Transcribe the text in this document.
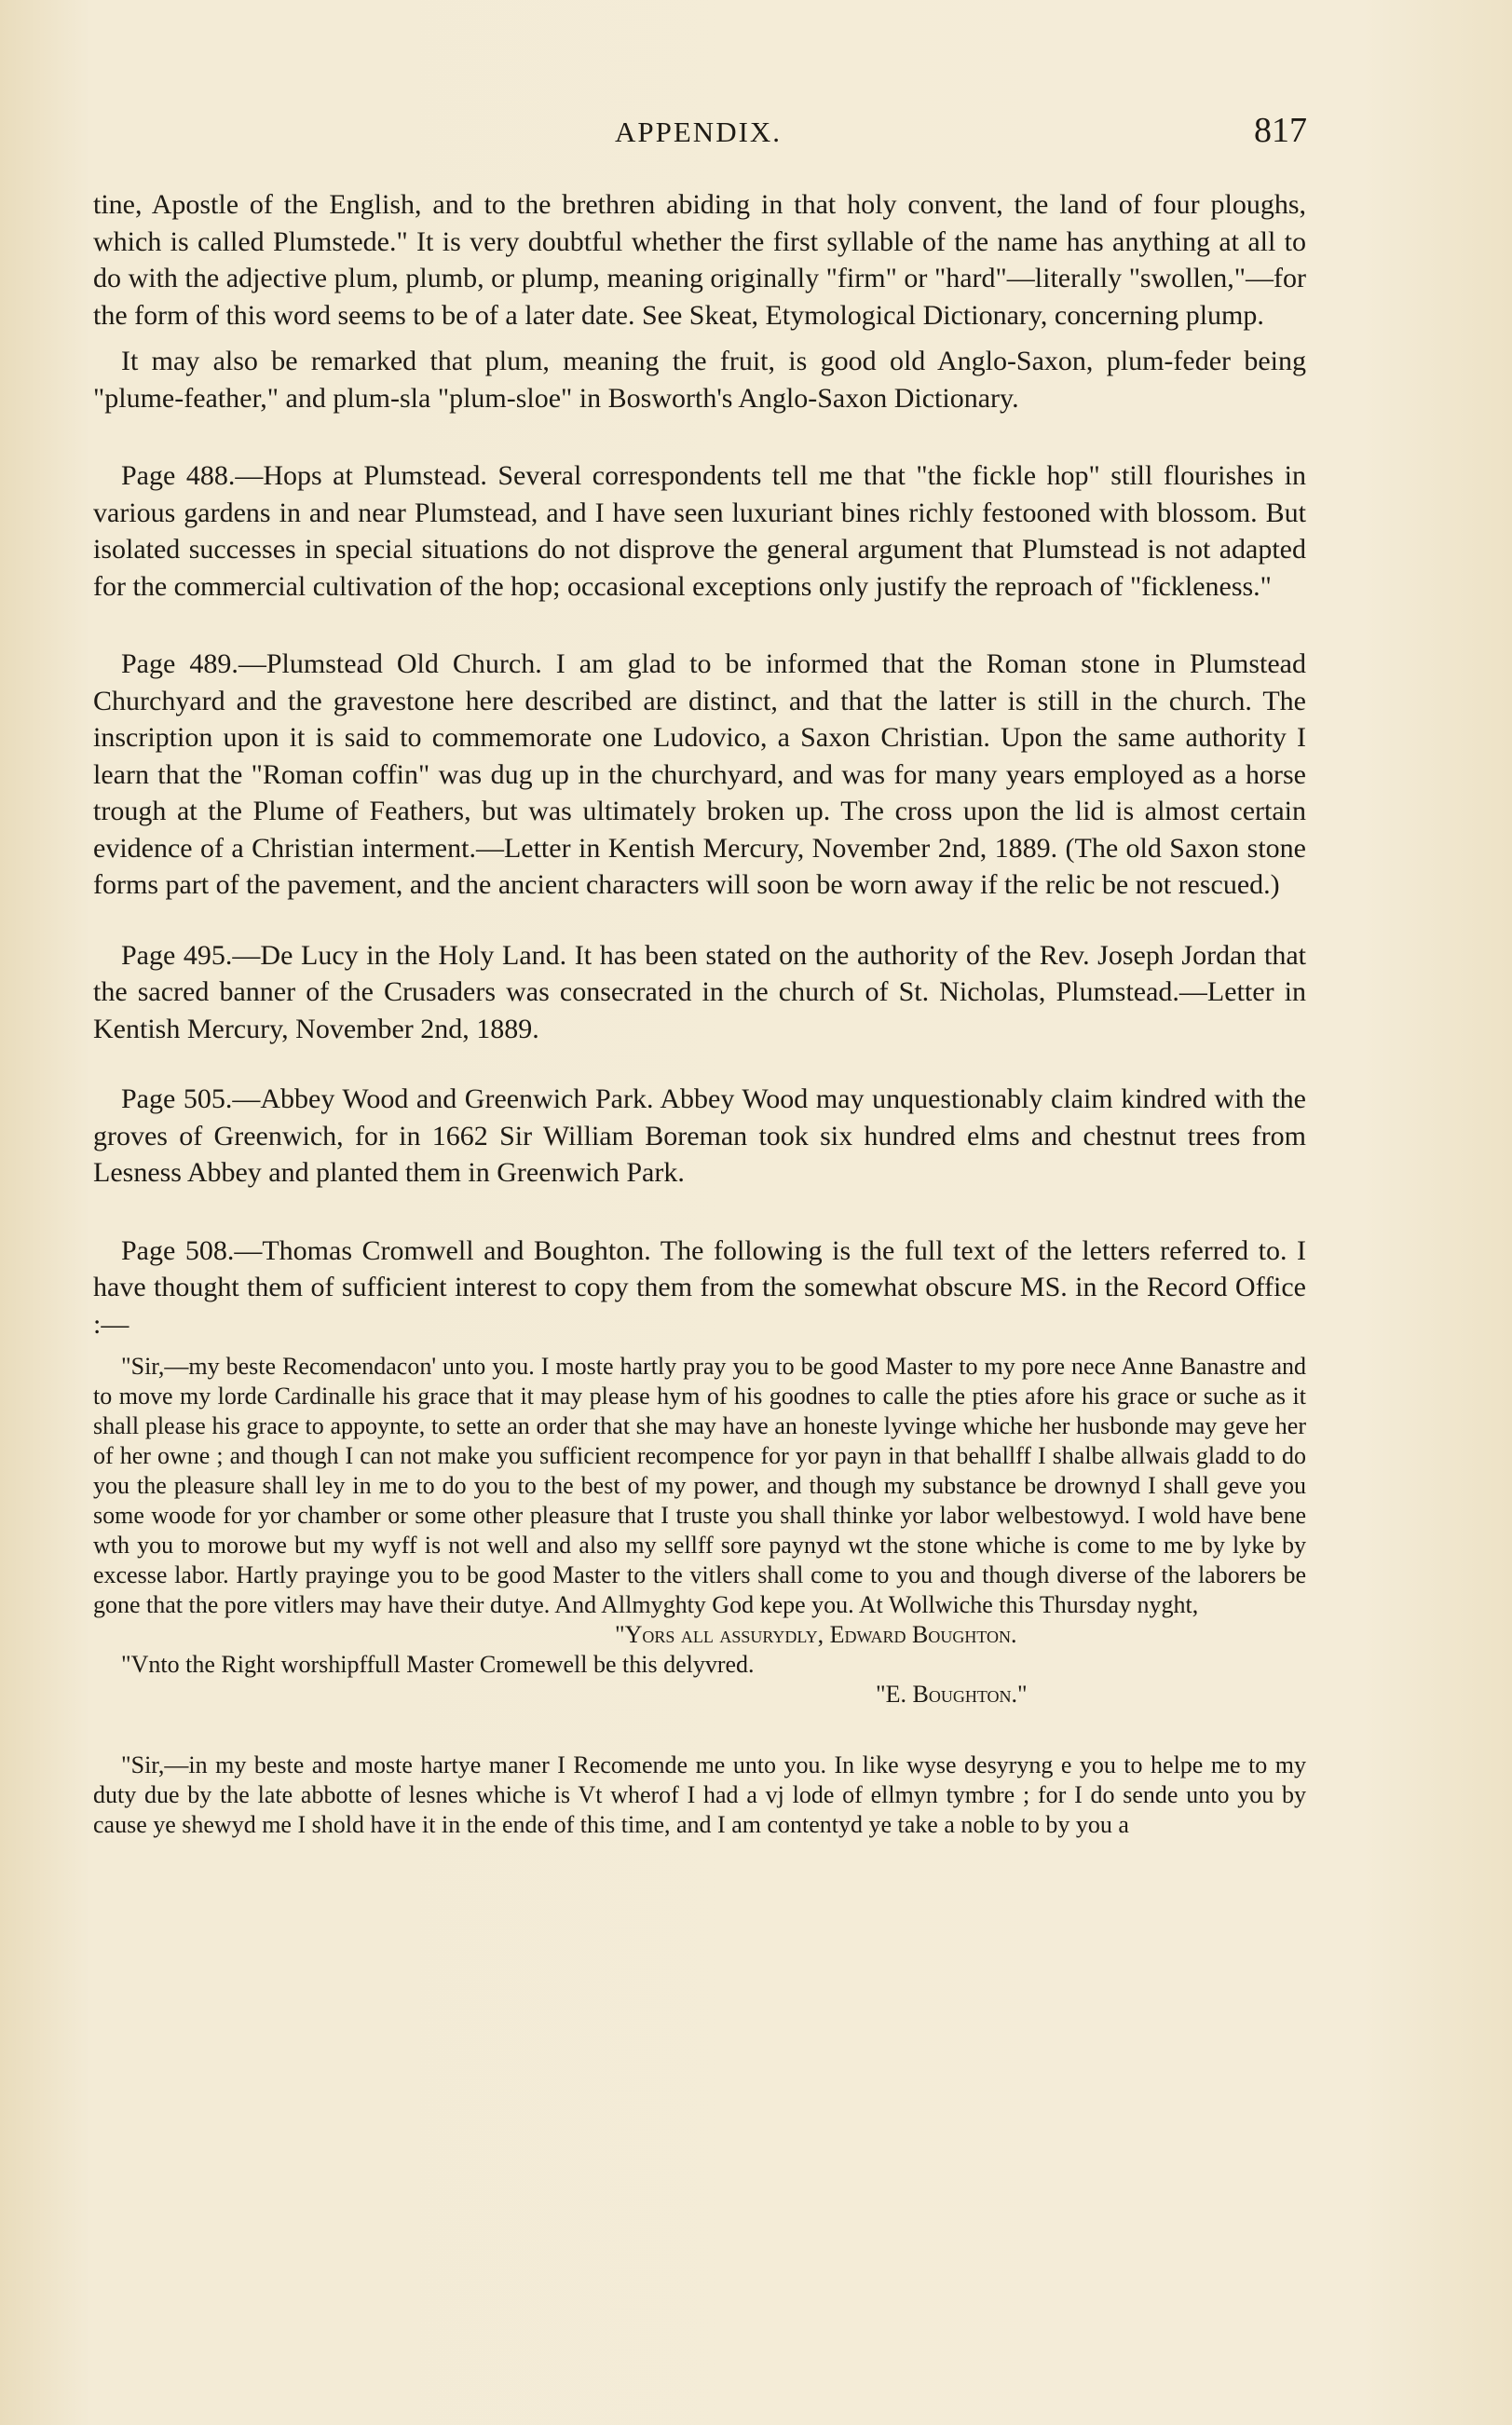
APPENDIX.	817

tine, Apostle of the English, and to the brethren abiding in that holy convent, the land of four ploughs, which is called Plumstede." It is very doubtful whether the first syllable of the name has anything at all to do with the adjective plum, plumb, or plump, meaning originally "firm" or "hard"—literally "swollen,"—for the form of this word seems to be of a later date. See Skeat, Etymological Dictionary, concerning plump.

It may also be remarked that plum, meaning the fruit, is good old Anglo-Saxon, plum-feder being "plume-feather," and plum-sla "plum-sloe" in Bosworth's Anglo-Saxon Dictionary.

Page 488.—Hops at Plumstead. Several correspondents tell me that "the fickle hop" still flourishes in various gardens in and near Plumstead, and I have seen luxuriant bines richly festooned with blossom. But isolated successes in special situations do not disprove the general argument that Plumstead is not adapted for the commercial cultivation of the hop; occasional exceptions only justify the reproach of "fickleness."

Page 489.—Plumstead Old Church. I am glad to be informed that the Roman stone in Plumstead Churchyard and the gravestone here described are distinct, and that the latter is still in the church. The inscription upon it is said to commemorate one Ludovico, a Saxon Christian. Upon the same authority I learn that the "Roman coffin" was dug up in the churchyard, and was for many years employed as a horse trough at the Plume of Feathers, but was ultimately broken up. The cross upon the lid is almost certain evidence of a Christian interment.—Letter in Kentish Mercury, November 2nd, 1889. (The old Saxon stone forms part of the pavement, and the ancient characters will soon be worn away if the relic be not rescued.)

Page 495.—De Lucy in the Holy Land. It has been stated on the authority of the Rev. Joseph Jordan that the sacred banner of the Crusaders was consecrated in the church of St. Nicholas, Plumstead.—Letter in Kentish Mercury, November 2nd, 1889.

Page 505.—Abbey Wood and Greenwich Park. Abbey Wood may unquestionably claim kindred with the groves of Greenwich, for in 1662 Sir William Boreman took six hundred elms and chestnut trees from Lesness Abbey and planted them in Greenwich Park.

Page 508.—Thomas Cromwell and Boughton. The following is the full text of the letters referred to. I have thought them of sufficient interest to copy them from the somewhat obscure MS. in the Record Office :—

"Sir,—my beste Recomendacon' unto you. I moste hartly pray you to be good Master to my pore nece Anne Banastre and to move my lorde Cardinalle his grace that it may please hym of his goodnes to calle the pties afore his grace or suche as it shall please his grace to appoynte, to sette an order that she may have an honeste lyvinge whiche her husbonde may geve her of her owne ; and though I can not make you sufficient recompence for yor payn in that behallff I shalbe allwais gladd to do you the pleasure shall ley in me to do you to the best of my power, and though my substance be drownyd I shall geve you some woode for yor chamber or some other pleasure that I truste you shall thinke yor labor welbestowyd. I wold have bene wth you to morowe but my wyff is not well and also my sellff sore paynyd wt the stone whiche is come to me by lyke by excesse labor. Hartly prayinge you to be good Master to the vitlers shall come to you and though diverse of the laborers be gone that the pore vitlers may have their dutye. And Allmyghty God kepe you. At Wollwiche this Thursday nyght,

"Yors all assurydly, Edward Boughton.

"Vnto the Right worshipffull Master Cromewell be this delyvred.

"E. Boughton."

"Sir,—in my beste and moste hartye maner I Recomende me unto you. In like wyse desyryng e you to helpe me to my duty due by the late abbotte of lesnes whiche is Vt wherof I had a vj lode of ellmyn tymbre ; for I do sende unto you by cause ye shewyd me I shold have it in the ende of this time, and I am contentyd ye take a noble to by you a
